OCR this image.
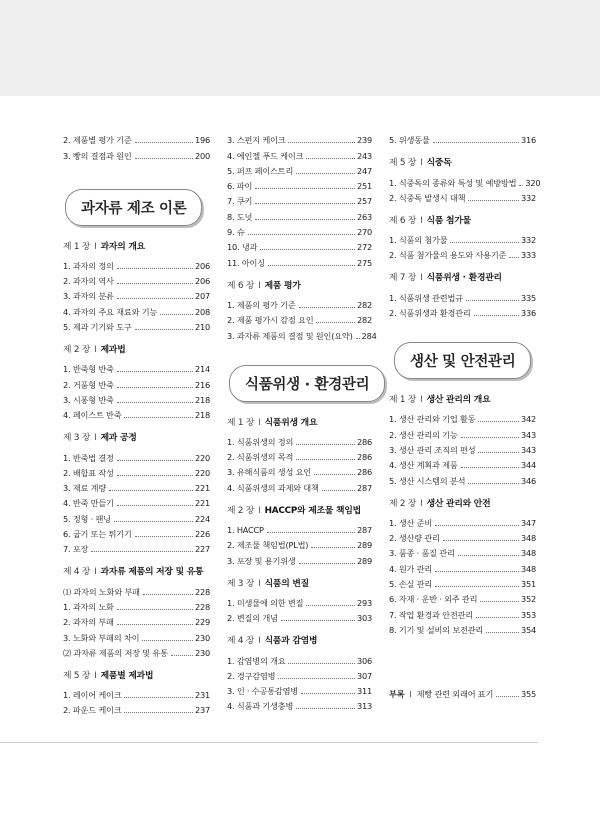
2. 제품별 평가 기준	196
3. 빵의 결점과 원인	200
과자류 제조 이론
제 1 장 I 과자의 개요
1. 과자의 정의	206
2. 과자의 역사	206
3. 과자의 분류	207
4. 과자의 주요 재료와 기능	208
5. 제과 기기와 도구	210
제 2 장 I 제과법
1. 반죽형 반죽	214
2. 거품형 반죽	216
3. 시퐁형 반죽	218
4. 페이스트 반죽	218
제 3 장 I 제과 공정
1. 반죽법 결정	220
2. 배합표 작성	220
3. 재료 계량	221
4. 반죽 만들기	221
5. 정형 · 팬닝	224
6. 굽기 또는 튀기기	226
7. 포장	227
제 4 장 I 과자류 제품의 저장 및 유통
⑴ 과자의 노화와 부패	228
1. 과자의 노화	228
2. 과자의 부패	229
3. 노화와 부패의 차이	230
⑵ 과자류 제품의 저장 및 유통	230
제 5 장 I 제품별 제과법
1. 레이어 케이크	231
2. 파운드 케이크	237
3. 스펀지 케이크	239
4. 에인젤 푸드 케이크	243
5. 퍼프 페이스트리	247
6. 파이	251
7. 쿠키	257
8. 도넛	263
9. 슈	270
10. 냉과	272
11. 아이싱	275
제 6 장 I 제품 평가
1. 제품의 평가 기준	282
2. 제품 평가시 감점 요인	282
3. 과자류 제품의 결점 및 원인(요약) 284
식품위생 · 환경관리
제 1 장 I 식품위생 개요
1. 식품위생의 정의	286
2. 식품위생의 목적	286
3. 유해식품의 생성 요인	286
4. 식품위생의 과제와 대책	287
제 2 장 I HACCP와 제조물 책임법
1. HACCP	287
2. 제조물 책임법(PL법)	289
3. 포장 및 용기위생	289
제 3 장 I 식품의 변질
1. 미생물에 의한 변질	293
2. 변질의 개념	303
제 4 장 I 식품과 감염병
1. 감염병의 개요	306
2. 경구감염병	307
3. 인 · 수공통감염병	311
4. 식품과 기생충병	313
5. 위생동물	316
제 5 장 I 식중독
1. 식중독의 종류와 특성 및 예방방법 320
2. 식중독 발생시 대책	332
제 6 장 I 식품 첨가물
1. 식품의 첨가물	332
2. 식품 첨가물의 용도와 사용기준 333
제 7 장 I 식품위생 · 환경관리
1. 식품위생 관련법규	335
2. 식품위생과 환경관리	336
생산 및 안전관리
제 1 장 I 생산 관리의 개요
1. 생산 관리와 기업 활동	342
2. 생산 관리의 기능	343
3. 생산 관리 조직의 편성	343
4. 생산 계획과 제품	344
5. 생산 시스템의 분석	346
제 2 장 I 생산 관리와 안전
1. 생산 준비	347
2. 생산량 관리	348
3. 품종 · 품질 관리	348
4. 원가 관리	348
5. 손실 관리	351
6. 자재 · 운반 · 외주 관리	352
7. 작업 환경과 안전관리	353
8. 기기 및 설비의 보전관리	354
부록 I 제빵 관련 외래어 표기	355
